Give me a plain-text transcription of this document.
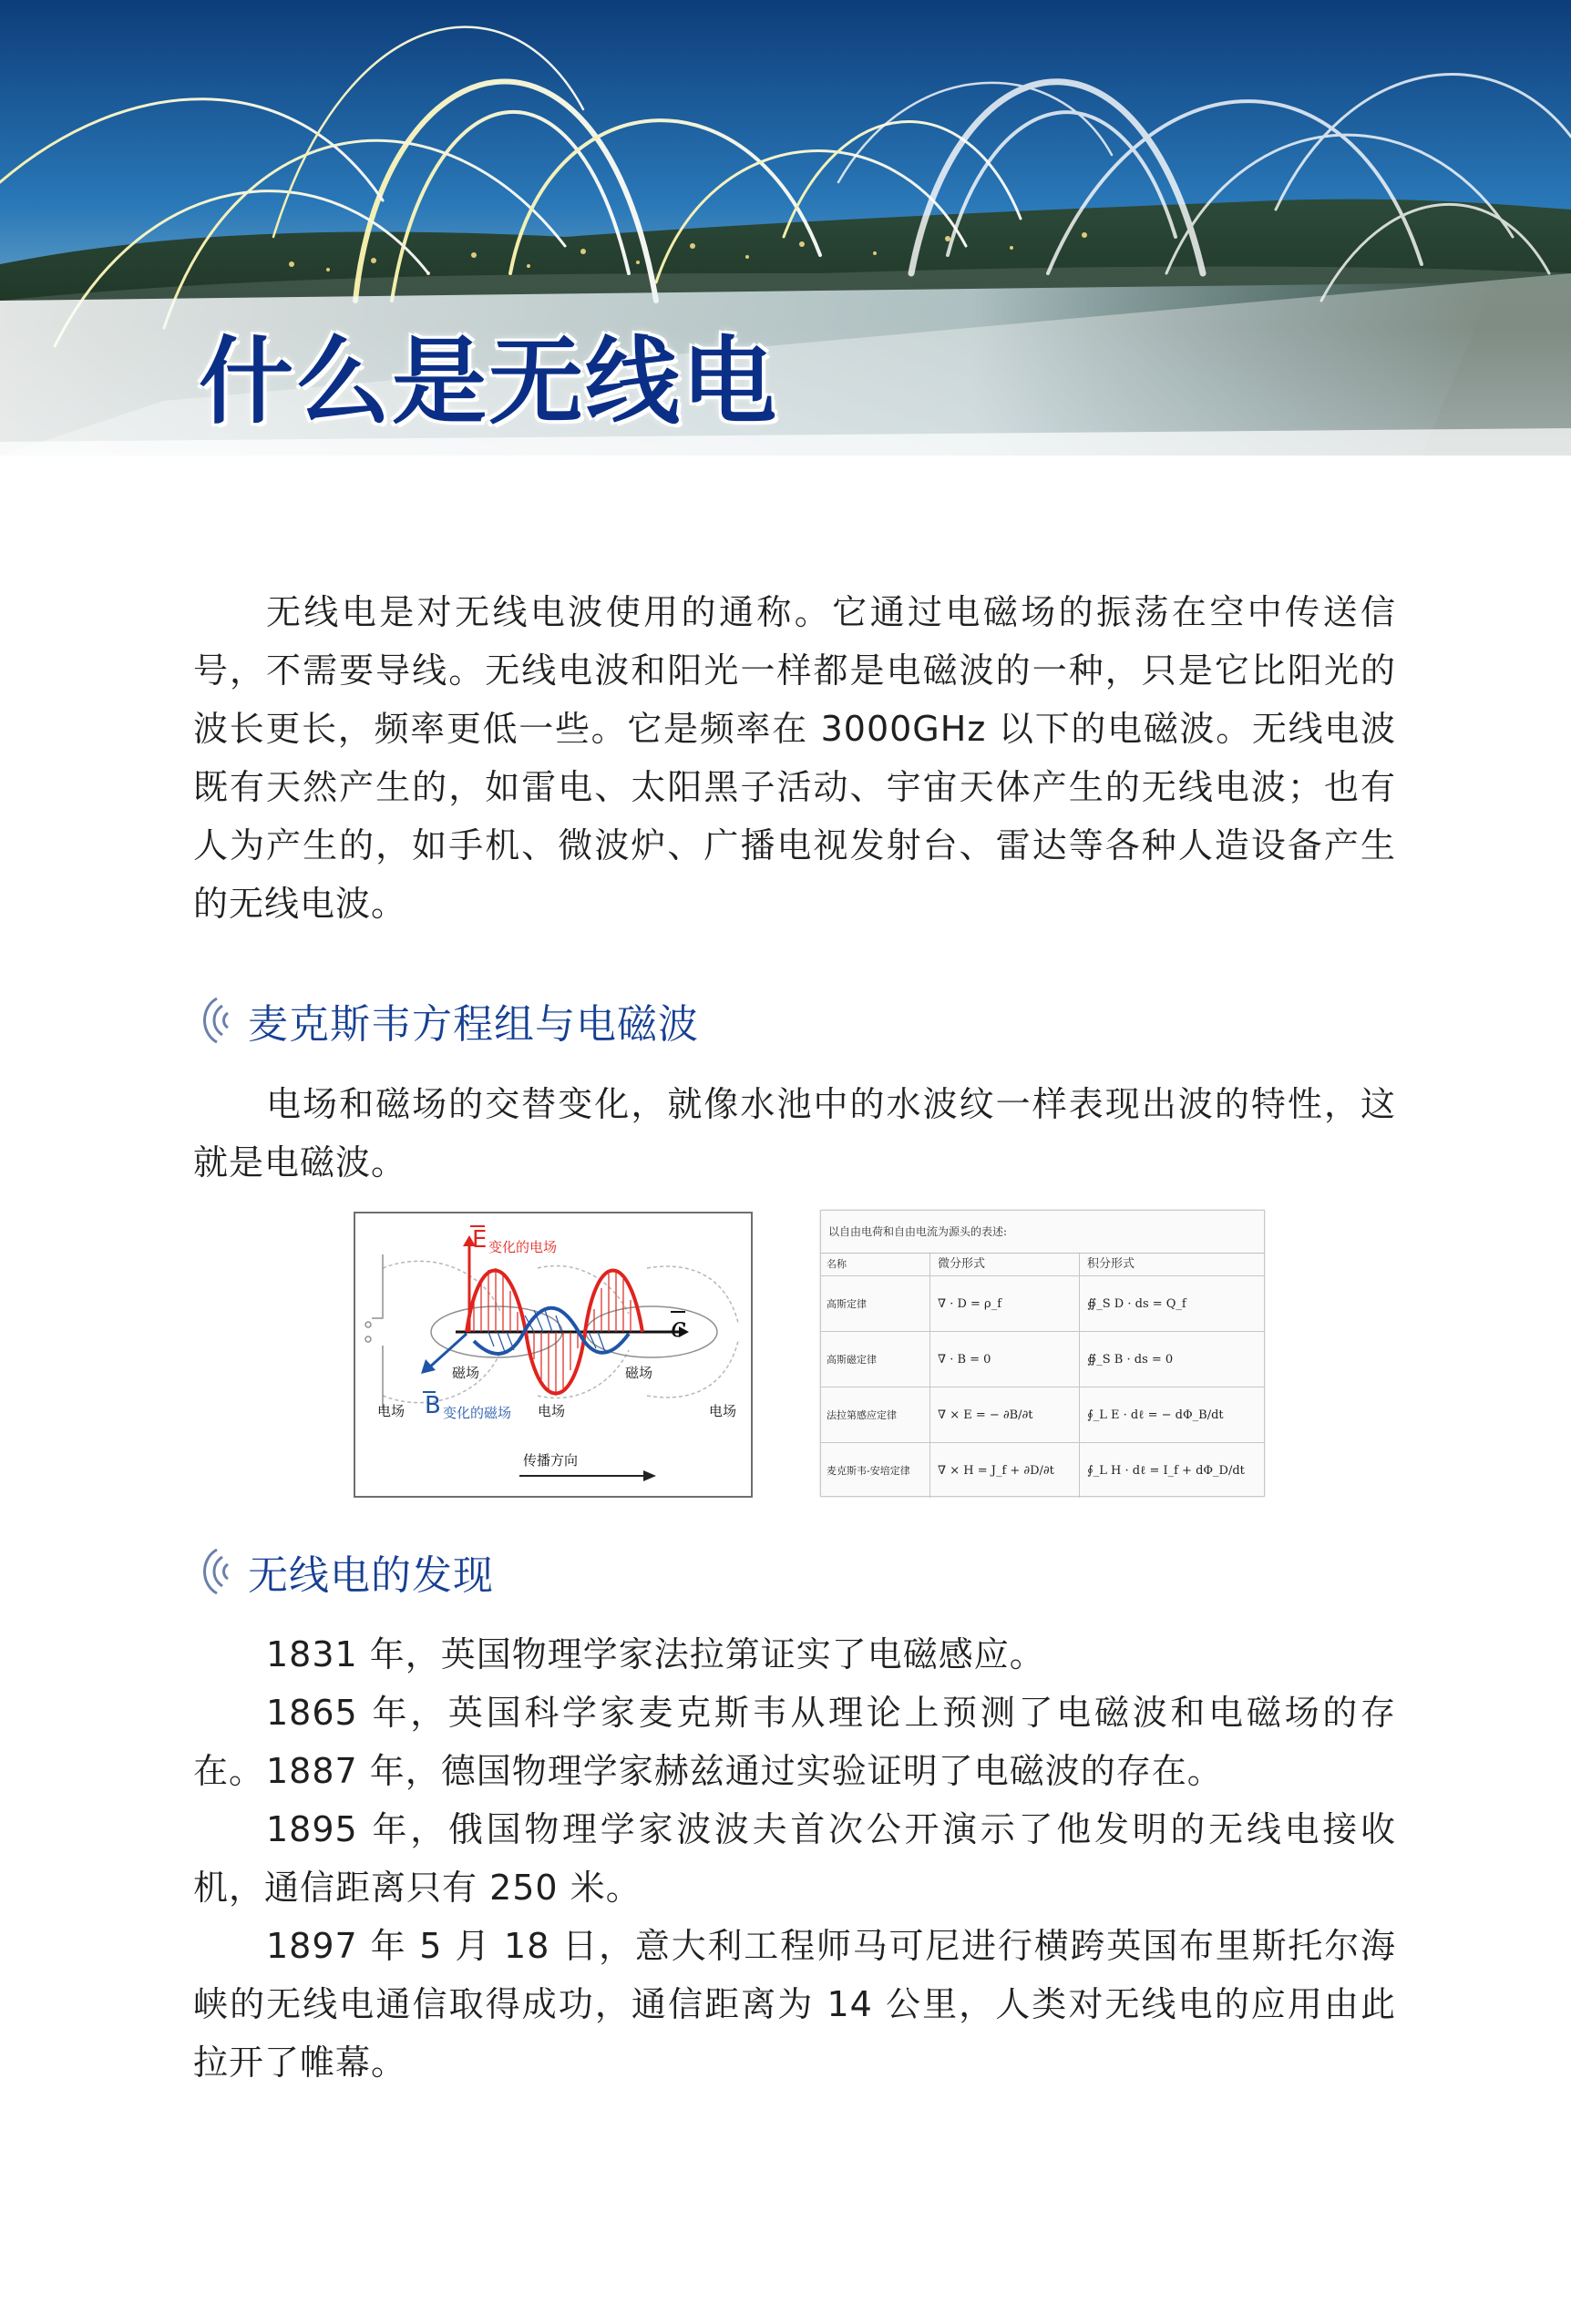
什么是无线电

无线电是对无线电波使用的通称。它通过电磁场的振荡在空中传送信号，不需要导线。无线电波和阳光一样都是电磁波的一种，只是它比阳光的波长更长，频率更低一些。它是频率在 3000GHz 以下的电磁波。无线电波既有天然产生的，如雷电、太阳黑子活动、宇宙天体产生的无线电波；也有人为产生的，如手机、微波炉、广播电视发射台、雷达等各种人造设备产生的无线电波。

麦克斯韦方程组与电磁波

电场和磁场的交替变化，就像水池中的水波纹一样表现出波的特性，这就是电磁波。

E 变化的电场
B 变化的磁场
c
磁场	磁场
电场	电场	电场
传播方向
以自由电荷和自由电流为源头的表述:
名称	微分形式	积分形式
高斯定律	∇ · D = ρ_f	∯_S D · ds = Q_f
高斯磁定律	∇ · B = 0	∯_S B · ds = 0
法拉第感应定律	∇ × E = − ∂B/∂t	∮_L E · dℓ = − dΦ_B/dt
麦克斯韦-安培定律	∇ × H = J_f + ∂D/∂t	∮_L H · dℓ = I_f + dΦ_D/dt
无线电的发现

1831 年，英国物理学家法拉第证实了电磁感应。

1865 年，英国科学家麦克斯韦从理论上预测了电磁波和电磁场的存在。 1887 年，德国物理学家赫兹通过实验证明了电磁波的存在。

1895 年，俄国物理学家波波夫首次公开演示了他发明的无线电接收机，通信距离只有 250 米。

1897 年 5 月 18 日，意大利工程师马可尼进行横跨英国布里斯托尔海峡的无线电通信取得成功，通信距离为 14 公里，人类对无线电的应用由此拉开了帷幕。
